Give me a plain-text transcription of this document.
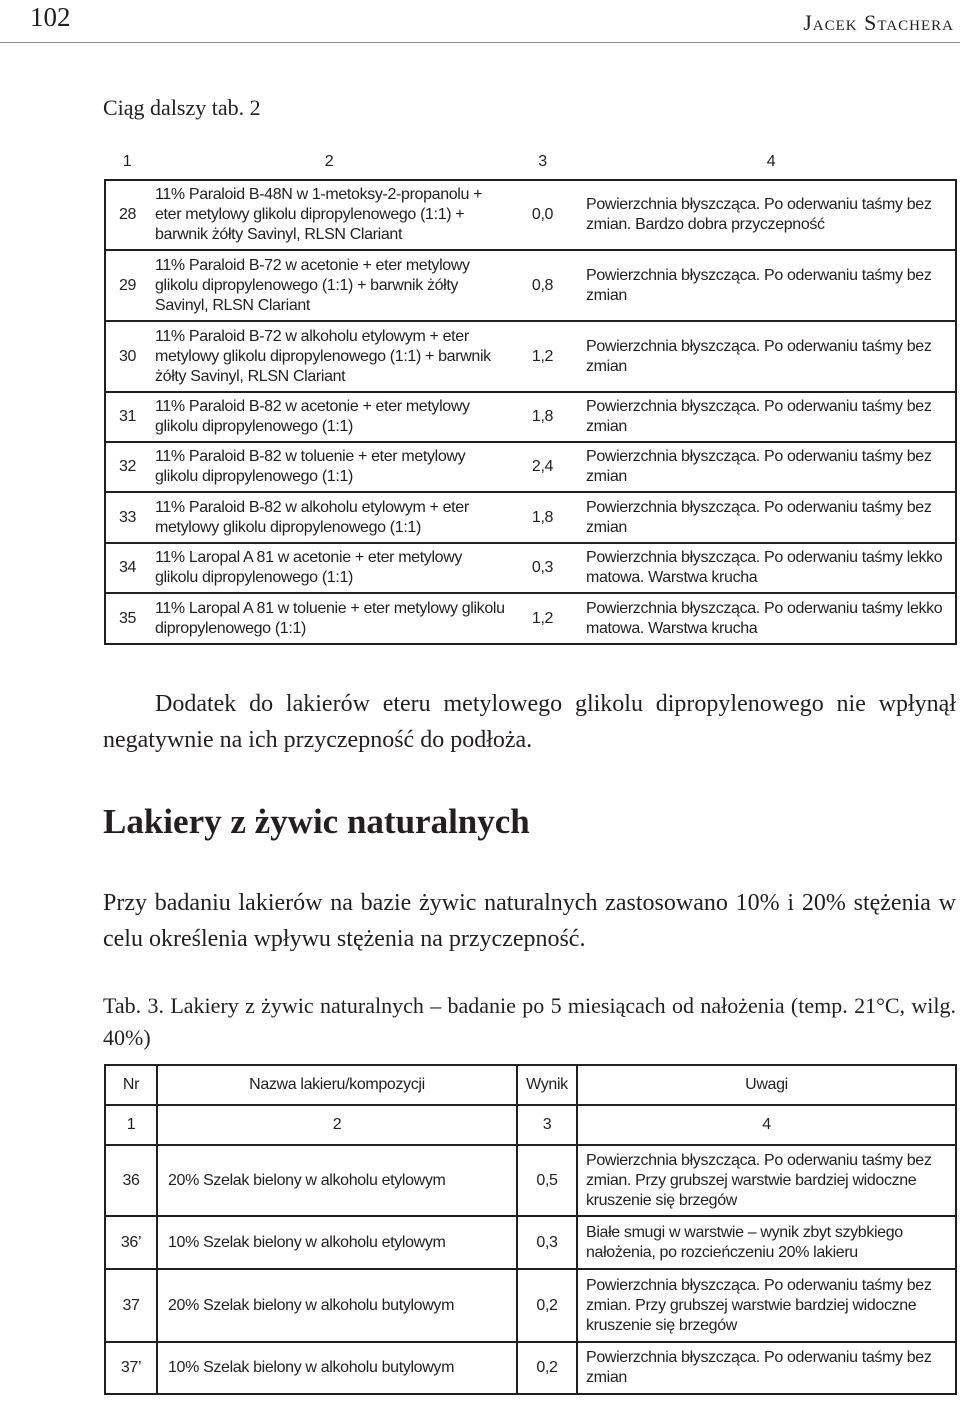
102	Jacek Stachera
Ciąg dalszy tab. 2
1	2	3	4
28	11% Paraloid B-48N w 1-metoksy-2-propanolu + eter metylowy glikolu dipropylenowego (1:1) + barwnik żółty Savinyl, RLSN Clariant	0,0	Powierzchnia błyszcząca. Po oderwaniu taśmy bez zmian. Bardzo dobra przyczepność
29	11% Paraloid B-72 w acetonie + eter metylowy glikolu dipropylenowego (1:1) + barwnik żółty Savinyl, RLSN Clariant	0,8	Powierzchnia błyszcząca. Po oderwaniu taśmy bez zmian
30	11% Paraloid B-72 w alkoholu etylowym + eter metylowy glikolu dipropylenowego (1:1) + barwnik żółty Savinyl, RLSN Clariant	1,2	Powierzchnia błyszcząca. Po oderwaniu taśmy bez zmian
31	11% Paraloid B-82 w acetonie + eter metylowy glikolu dipropylenowego (1:1)	1,8	Powierzchnia błyszcząca. Po oderwaniu taśmy bez zmian
32	11% Paraloid B-82 w toluenie + eter metylowy glikolu dipropylenowego (1:1)	2,4	Powierzchnia błyszcząca. Po oderwaniu taśmy bez zmian
33	11% Paraloid B-82 w alkoholu etylowym + eter metylowy glikolu dipropylenowego (1:1)	1,8	Powierzchnia błyszcząca. Po oderwaniu taśmy bez zmian
34	11% Laropal A 81 w acetonie + eter metylowy glikolu dipropylenowego (1:1)	0,3	Powierzchnia błyszcząca. Po oderwaniu taśmy lekko matowa. Warstwa krucha
35	11% Laropal A 81 w toluenie + eter metylowy glikolu dipropylenowego (1:1)	1,2	Powierzchnia błyszcząca. Po oderwaniu taśmy lekko matowa. Warstwa krucha

Dodatek do lakierów eteru metylowego glikolu dipropylenowego nie wpłynął negatywnie na ich przyczepność do podłoża.

Lakiery z żywic naturalnych

Przy badaniu lakierów na bazie żywic naturalnych zastosowano 10% i 20% stężenia w celu określenia wpływu stężenia na przyczepność.

Tab. 3. Lakiery z żywic naturalnych – badanie po 5 miesiącach od nałożenia (temp. 21°C, wilg. 40%)

Nr	Nazwa lakieru/kompozycji	Wynik	Uwagi
1	2	3	4
36	20% Szelak bielony w alkoholu etylowym	0,5	Powierzchnia błyszcząca. Po oderwaniu taśmy bez zmian. Przy grubszej warstwie bardziej widoczne kruszenie się brzegów
36’	10% Szelak bielony w alkoholu etylowym	0,3	Białe smugi w warstwie – wynik zbyt szybkiego nałożenia, po rozcieńczeniu 20% lakieru
37	20% Szelak bielony w alkoholu butylowym	0,2	Powierzchnia błyszcząca. Po oderwaniu taśmy bez zmian. Przy grubszej warstwie bardziej widoczne kruszenie się brzegów
37’	10% Szelak bielony w alkoholu butylowym	0,2	Powierzchnia błyszcząca. Po oderwaniu taśmy bez zmian
